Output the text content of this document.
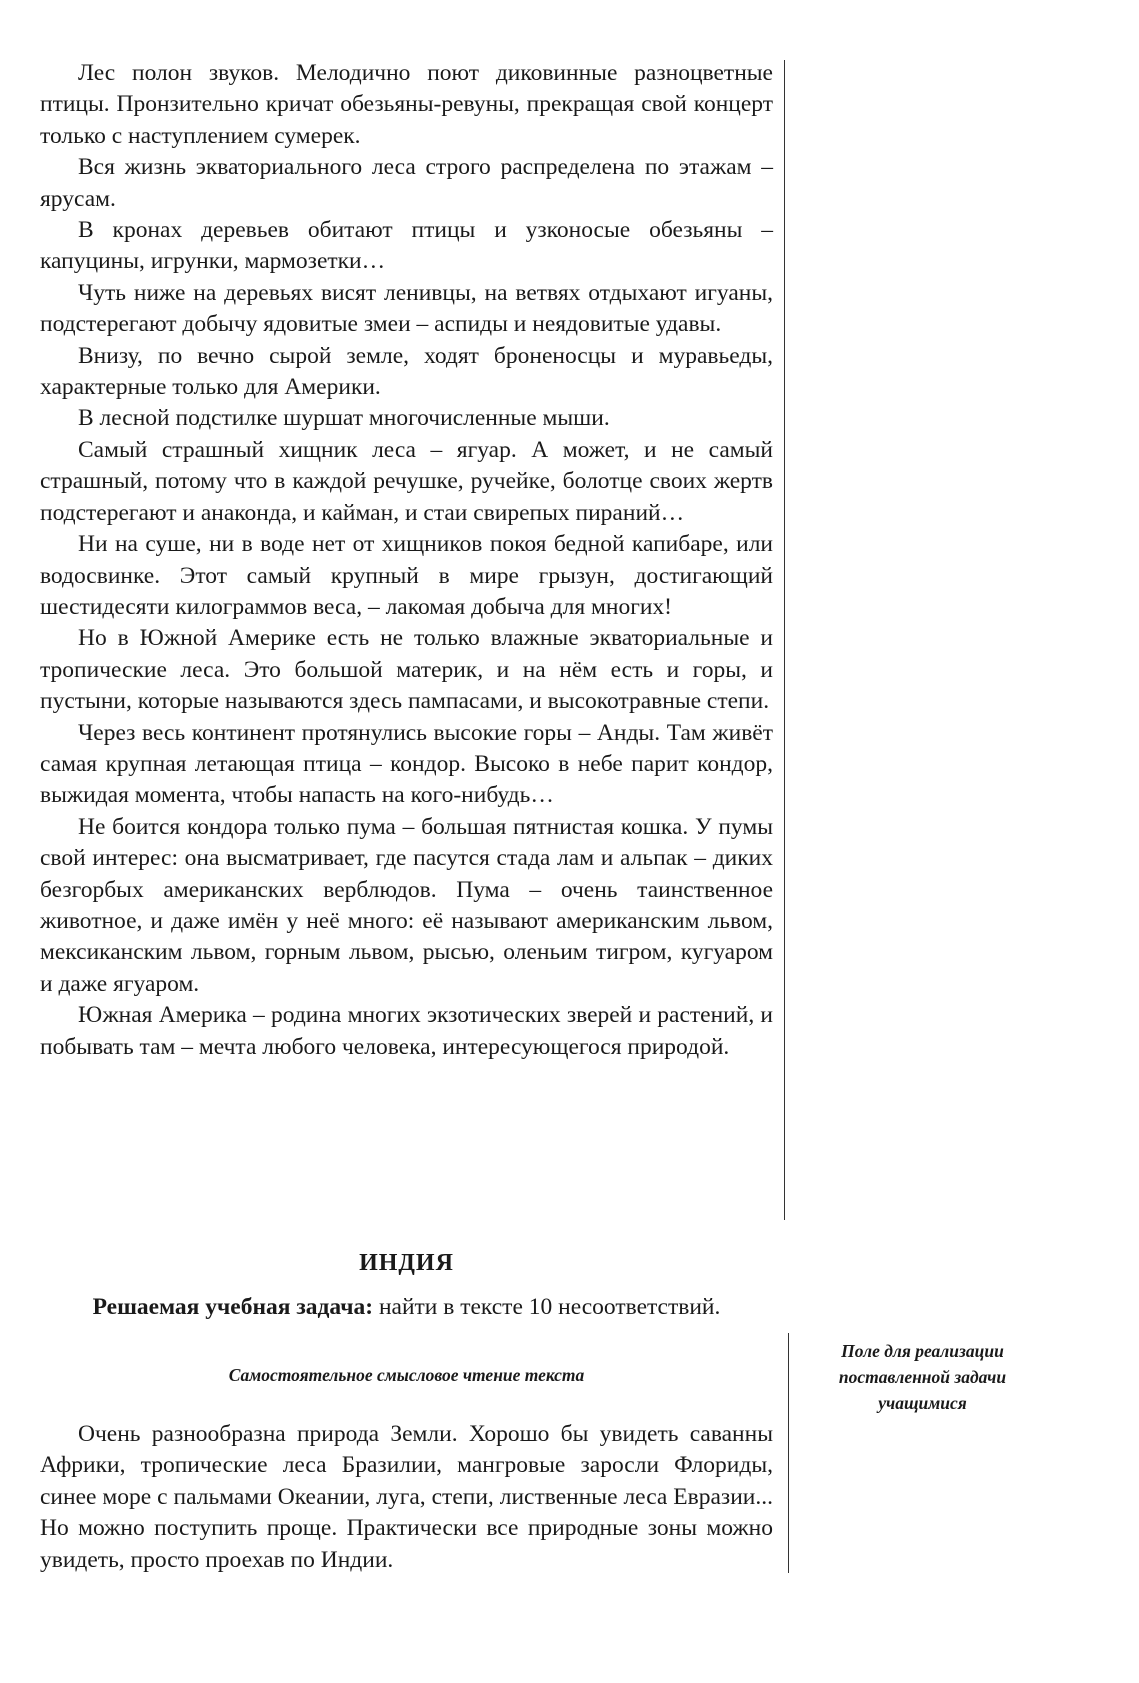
Лес полон звуков. Мелодично поют диковинные разноцветные птицы. Пронзительно кричат обезьяны-ревуны, прекращая свой концерт только с наступлением сумерек.

Вся жизнь экваториального леса строго распределена по этажам – ярусам.

В кронах деревьев обитают птицы и узконосые обезьяны – капуцины, игрунки, мармозетки…

Чуть ниже на деревьях висят ленивцы, на ветвях отдыхают игуаны, подстерегают добычу ядовитые змеи – аспиды и неядовитые удавы.

Внизу, по вечно сырой земле, ходят броненосцы и муравьеды, характерные только для Америки.

В лесной подстилке шуршат многочисленные мыши.

Самый страшный хищник леса – ягуар. А может, и не самый страшный, потому что в каждой речушке, ручейке, болотце своих жертв подстерегают и анаконда, и кайман, и стаи свирепых пираний…

Ни на суше, ни в воде нет от хищников покоя бедной капибаре, или водосвинке. Этот самый крупный в мире грызун, достигающий шестидесяти килограммов веса, – лакомая добыча для многих!

Но в Южной Америке есть не только влажные экваториальные и тропические леса. Это большой материк, и на нём есть и горы, и пустыни, которые называются здесь пампасами, и высокотравные степи.

Через весь континент протянулись высокие горы – Анды. Там живёт самая крупная летающая птица – кондор. Высоко в небе парит кондор, выжидая момента, чтобы напасть на кого-нибудь…

Не боится кондора только пума – большая пятнистая кошка. У пумы свой интерес: она высматривает, где пасутся стада лам и альпак – диких безгорбых американских верблюдов. Пума – очень таинственное животное, и даже имён у неё много: её называют американским львом, мексиканским львом, горным львом, рысью, оленьим тигром, кугуаром и даже ягуаром.

Южная Америка – родина многих экзотических зверей и растений, и побывать там – мечта любого человека, интересующегося природой.

ИНДИЯ
Решаемая учебная задача: найти в тексте 10 несоответствий.
Самостоятельное смысловое чтение текста
Поле для реализации
поставленной задачи
учащимися

Очень разнообразна природа Земли. Хорошо бы увидеть саванны Африки, тропические леса Бразилии, мангровые заросли Флориды, синее море с пальмами Океании, луга, степи, лиственные леса Евразии... Но можно поступить проще. Практически все природные зоны можно увидеть, просто проехав по Индии.
